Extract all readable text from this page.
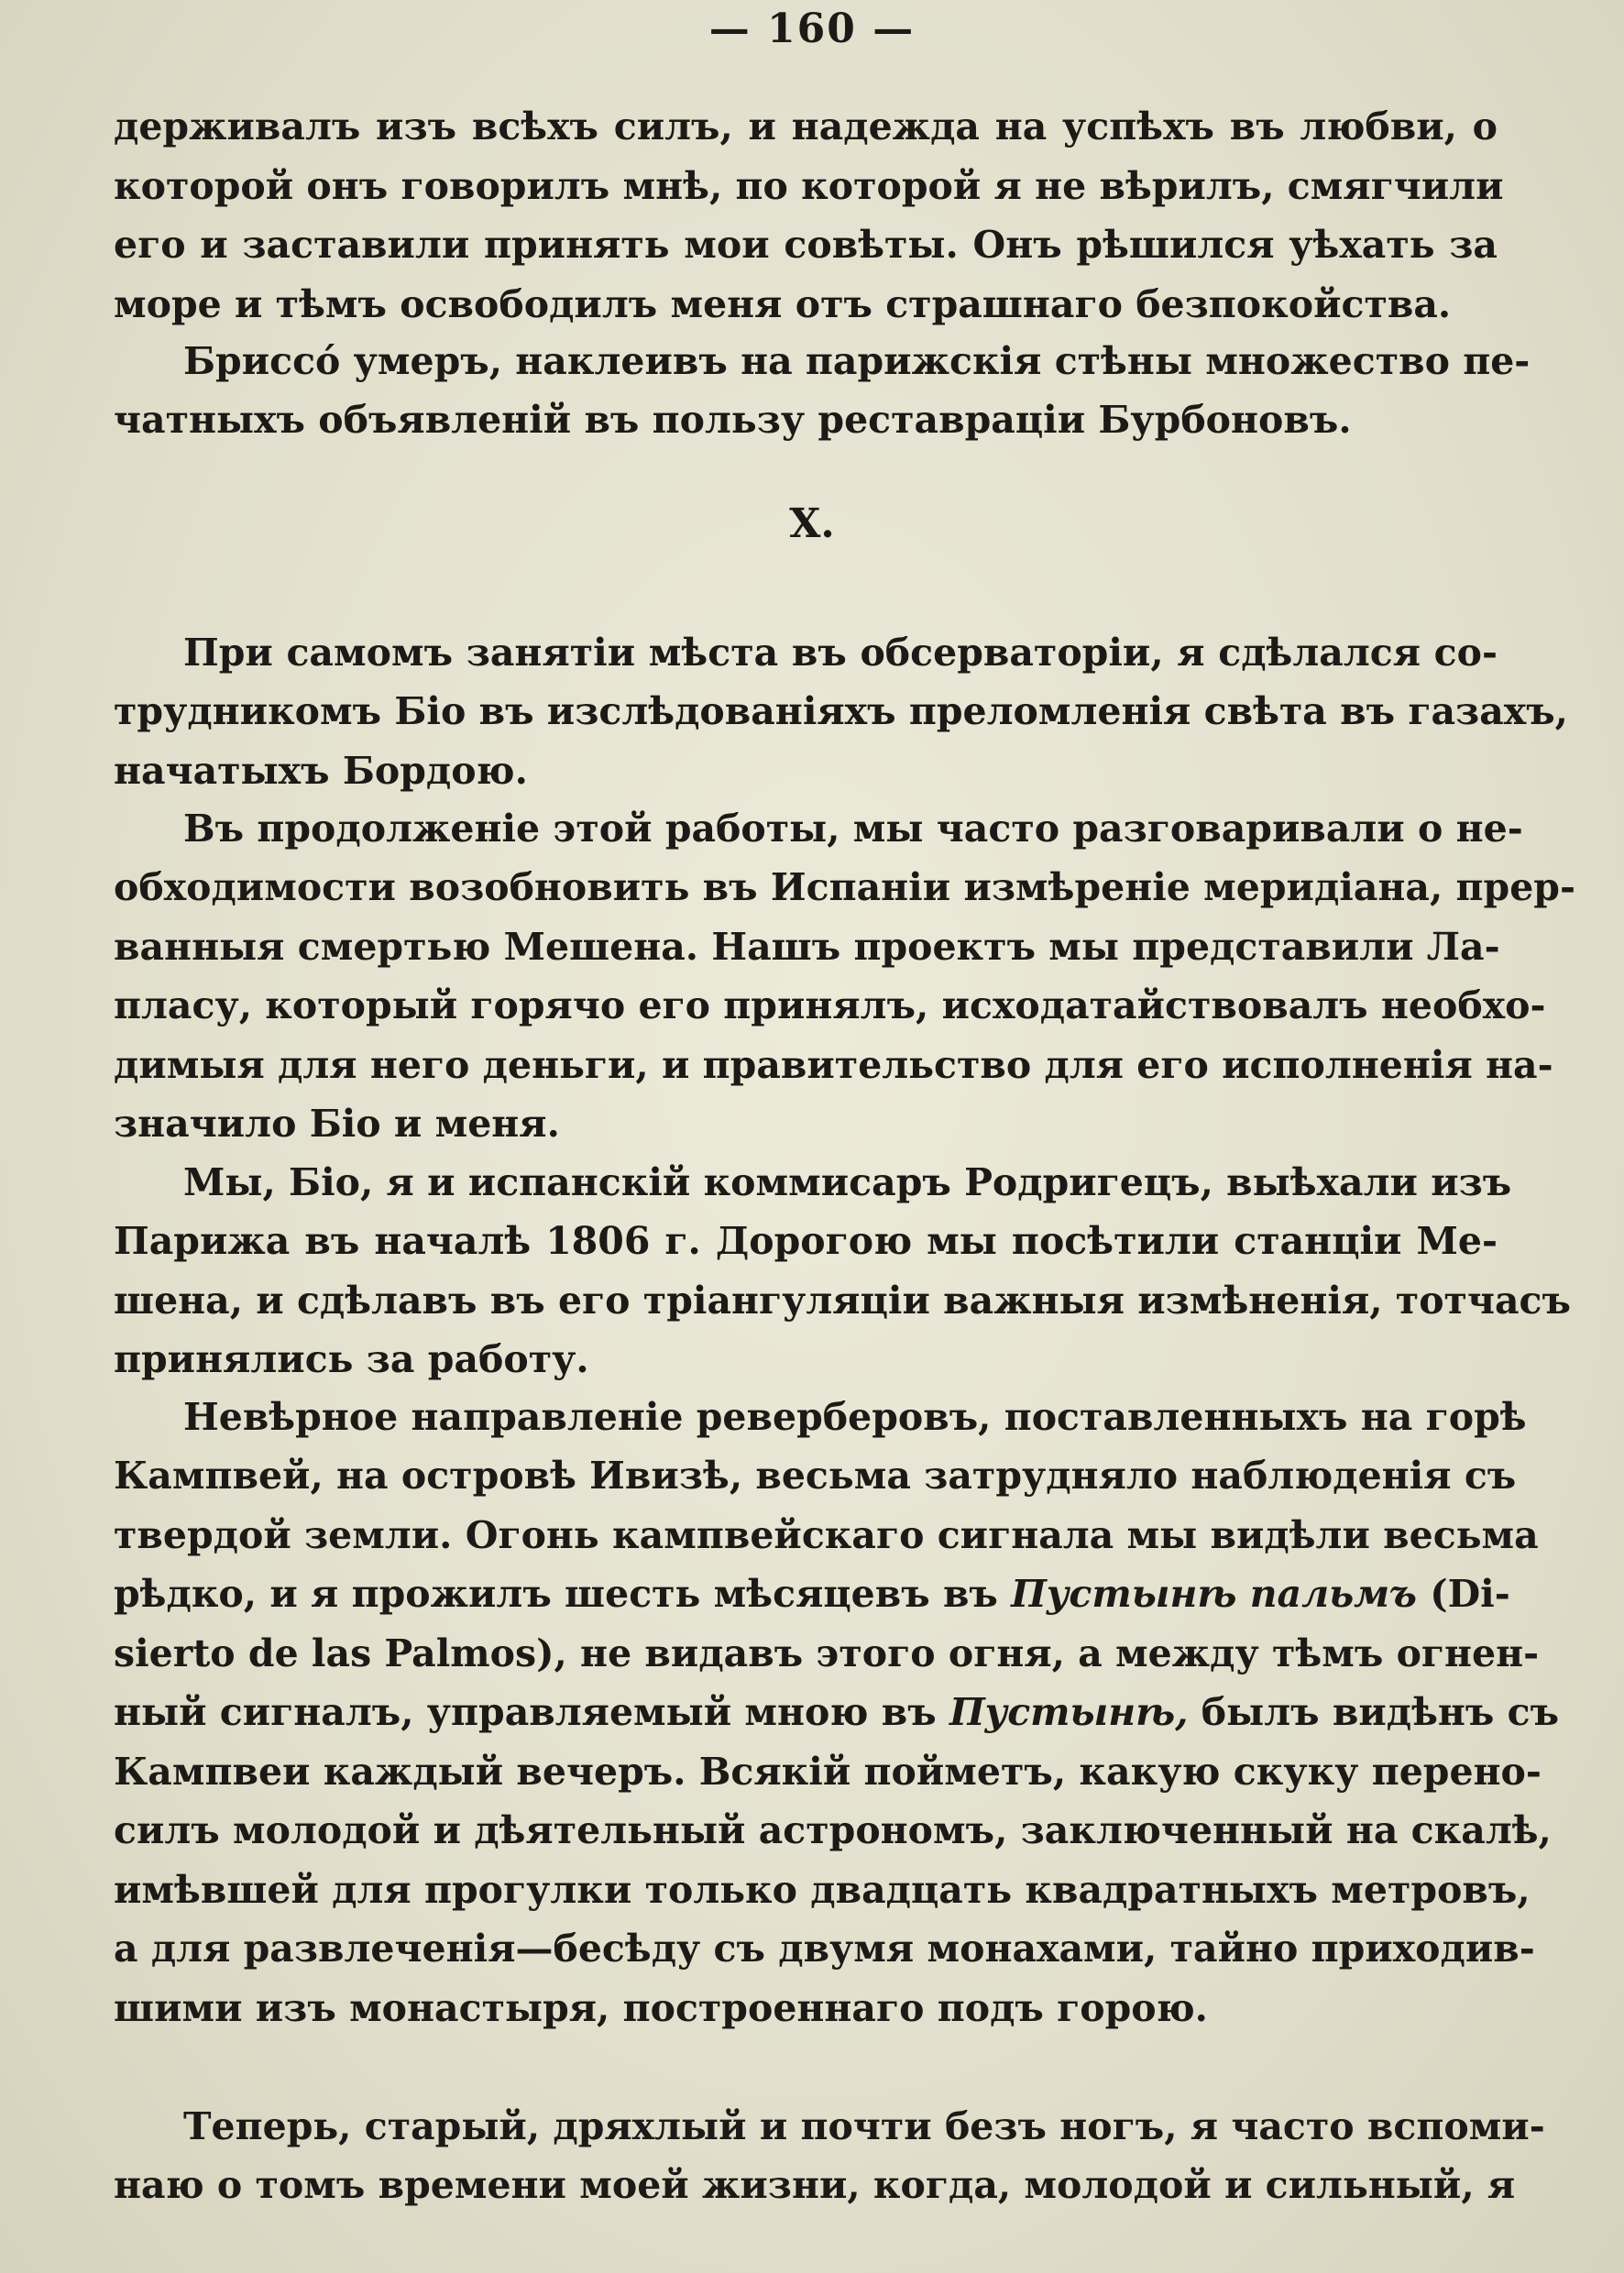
— 160 —
держивалъ изъ всѣхъ силъ, и надежда на успѣхъ въ любви, о
которой онъ говорилъ мнѣ, по которой я не вѣрилъ, смягчили
его и заставили принять мои совѣты. Онъ рѣшился уѣхать за
море и тѣмъ освободилъ меня отъ страшнаго безпокойства.
Бриссо́ умеръ, наклеивъ на парижскія стѣны множество пе-
чатныхъ объявленій въ пользу реставраціи Бурбоновъ.
X.
При самомъ занятіи мѣста въ обсерваторіи, я сдѣлался со-
трудникомъ Біо въ изслѣдованіяхъ преломленія свѣта въ газахъ,
начатыхъ Бордою.
Въ продолженіе этой работы, мы часто разговаривали о не-
обходимости возобновить въ Испаніи измѣреніе меридіана, прер-
ванныя смертью Мешена. Нашъ проектъ мы представили Ла-
пласу, который горячо его принялъ, исходатайствовалъ необхо-
димыя для него деньги, и правительство для его исполненія на-
значило Біо и меня.
Мы, Біо, я и испанскій коммисаръ Родригецъ, выѣхали изъ
Парижа въ началѣ 1806 г. Дорогою мы посѣтили станціи Ме-
шена, и сдѣлавъ въ его тріангуляціи важныя измѣненія, тотчасъ
принялись за работу.
Невѣрное направленіе ревербeровъ, поставленныхъ на горѣ
Кампвей, на островѣ Ивизѣ, весьма затрудняло наблюденія съ
твердой земли. Огонь кампвейскаго сигнала мы видѣли весьма
рѣдко, и я прожилъ шесть мѣсяцевъ въ Пустынѣ пальмъ (Di-
sierto de las Palmos), не видавъ этого огня, а между тѣмъ огнен-
ный сигналъ, управляемый мною въ Пустынѣ, былъ видѣнъ съ
Кампвеи каждый вечеръ. Всякій пойметъ, какую скуку перено-
силъ молодой и дѣятельный астрономъ, заключенный на скалѣ,
имѣвшей для прогулки только двадцать квадратныхъ метровъ,
а для развлеченія—бесѣду съ двумя монахами, тайно приходив-
шими изъ монастыря, построеннаго подъ горою.
Теперь, старый, дряхлый и почти безъ ногъ, я часто вспоми-
наю о томъ времени моей жизни, когда, молодой и сильный, я
